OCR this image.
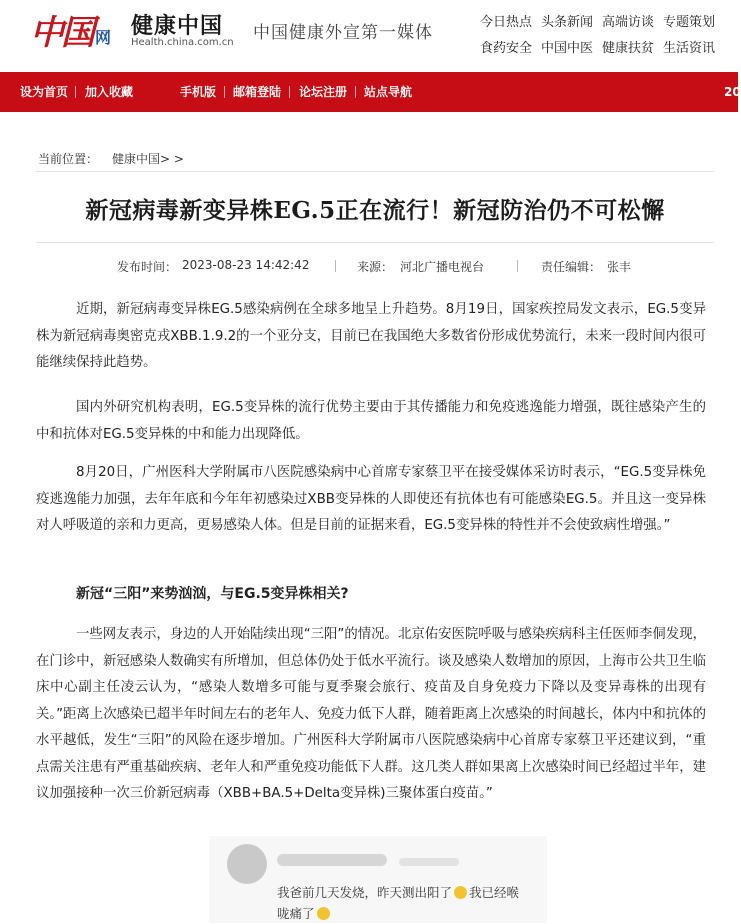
中国 网 健康中国
Health.china.com.cn 中国健康外宣第一媒体
今日热点 头条新闻 高端访谈 专题策划食药安全 中国中医 健康扶贫 生活资讯
设为首页 加入收藏	手机版 邮箱登陆 论坛注册 站点导航	20
当前位置： 健康中国> >
新冠病毒新变异株EG.5正在流行！新冠防治仍不可松懈
发布时间： 2023-08-23 14:42:42	来源： 河北广播电视台	责任编辑： 张丰

近期，新冠病毒变异株EG.5感染病例在全球多地呈上升趋势。8月19日，国家疾控局发文表示，EG.5变异株为新冠病毒奥密克戎XBB.1.9.2的一个亚分支，目前已在我国绝大多数省份形成优势流行，未来一段时间内很可能继续保持此趋势。

国内外研究机构表明，EG.5变异株的流行优势主要由于其传播能力和免疫逃逸能力增强，既往感染产生的中和抗体对EG.5变异株的中和能力出现降低。

8月20日，广州医科大学附属市八医院感染病中心首席专家蔡卫平在接受媒体采访时表示，“EG.5变异株免疫逃逸能力加强，去年年底和今年年初感染过XBB变异株的人即使还有抗体也有可能感染EG.5。并且这一变异株对人呼吸道的亲和力更高，更易感染人体。但是目前的证据来看，EG.5变异株的特性并不会使致病性增强。”

新冠“三阳”来势汹汹，与EG.5变异株相关?

一些网友表示，身边的人开始陆续出现“三阳”的情况。北京佑安医院呼吸与感染疾病科主任医师李侗发现，在门诊中，新冠感染人数确实有所增加，但总体仍处于低水平流行。谈及感染人数增加的原因，上海市公共卫生临床中心副主任凌云认为，“感染人数增多可能与夏季聚会旅行、疫苗及自身免疫力下降以及变异毒株的出现有关。”距离上次感染已超半年时间左右的老年人、免疫力低下人群，随着距离上次感染的时间越长，体内中和抗体的水平越低，发生“三阳”的风险在逐步增加。广州医科大学附属市八医院感染病中心首席专家蔡卫平还建议到，“重点需关注患有严重基础疾病、老年人和严重免疫功能低下人群。这几类人群如果离上次感染时间已经超过半年，建议加强接种一次三价新冠病毒（XBB+BA.5+Delta变异株)三聚体蛋白疫苗。”

我爸前几天发烧，昨天测出阳了 我已经喉
咙痛了
